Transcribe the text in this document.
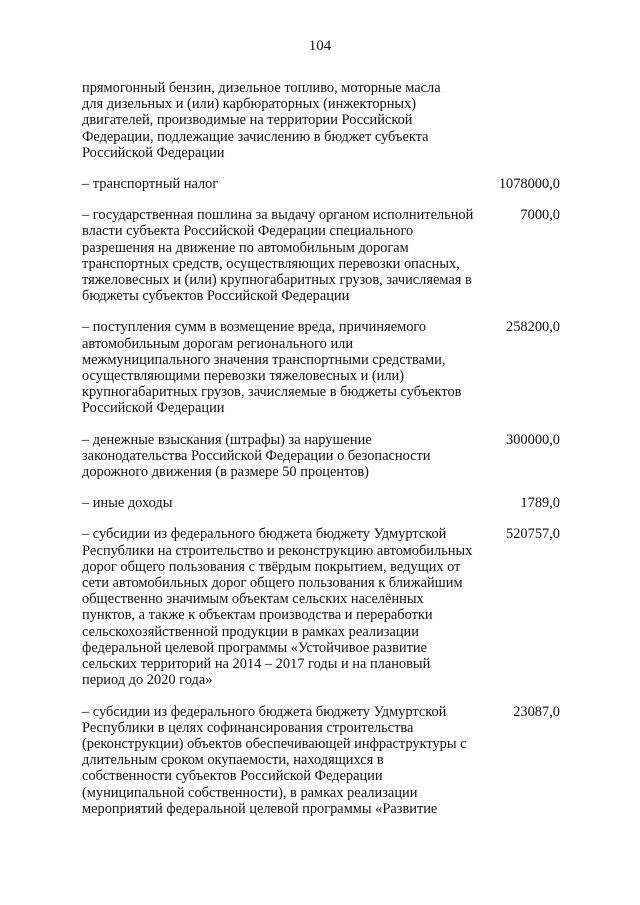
104
прямогонный бензин, дизельное топливо, моторные масла для дизельных и (или) карбюраторных (инжекторных) двигателей, производимые на территории Российской Федерации, подлежащие зачислению в бюджет субъекта Российской Федерации
– транспортный налог	1078000,0
– государственная пошлина за выдачу органом исполнительной власти субъекта Российской Федерации специального разрешения на движение по автомобильным дорогам транспортных средств, осуществляющих перевозки опасных, тяжеловесных и (или) крупногабаритных грузов, зачисляемая в бюджеты субъектов Российской Федерации
7000,0
– поступления сумм в возмещение вреда, причиняемого автомобильным дорогам регионального или межмуниципального значения транспортными средствами, осуществляющими перевозки тяжеловесных и (или) крупногабаритных грузов, зачисляемые в бюджеты субъектов Российской Федерации
258200,0
– денежные взыскания (штрафы) за нарушение законодательства Российской Федерации о безопасности дорожного движения (в размере 50 процентов)
300000,0
– иные доходы	1789,0
– субсидии из федерального бюджета бюджету Удмуртской Республики на строительство и реконструкцию автомобильных дорог общего пользования с твёрдым покрытием, ведущих от сети автомобильных дорог общего пользования к ближайшим общественно значимым объектам сельских населённых пунктов, а также к объектам производства и переработки сельскохозяйственной продукции в рамках реализации федеральной целевой программы «Устойчивое развитие сельских территорий на 2014 – 2017 годы и на плановый период до 2020 года»
520757,0
– субсидии из федерального бюджета бюджету Удмуртской Республики в целях софинансирования строительства (реконструкции) объектов обеспечивающей инфраструктуры с длительным сроком окупаемости, находящихся в собственности субъектов Российской Федерации (муниципальной собственности), в рамках реализации мероприятий федеральной целевой программы «Развитие
23087,0
